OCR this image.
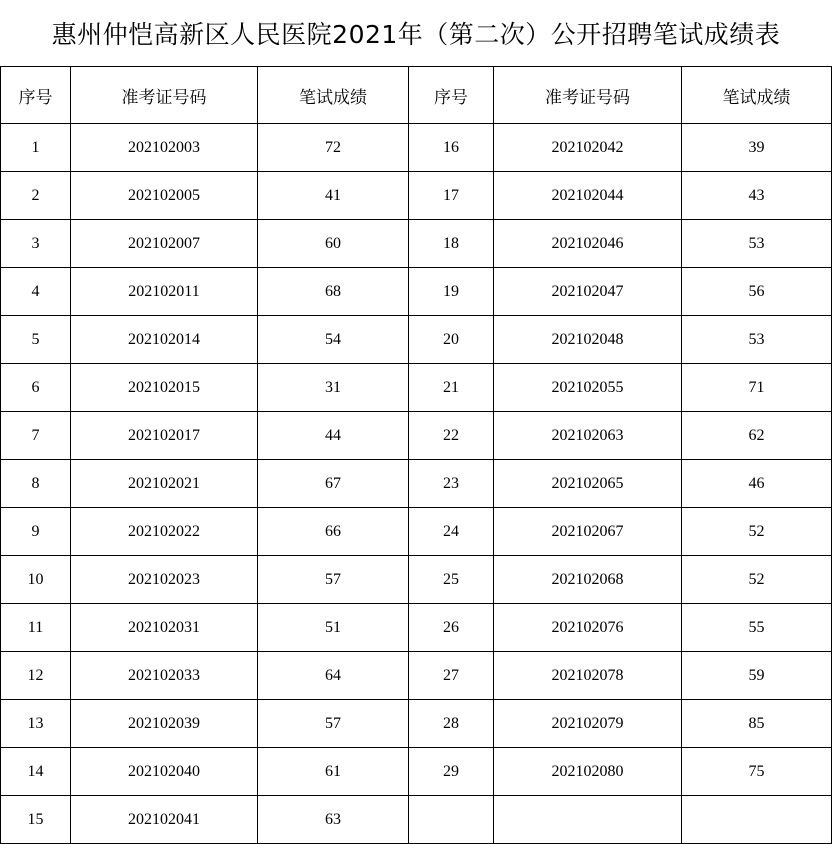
惠州仲恺高新区人民医院2021年（第二次）公开招聘笔试成绩表
序号	准考证号码	笔试成绩	序号	准考证号码	笔试成绩
1	202102003	72	16	202102042	39
2	202102005	41	17	202102044	43
3	202102007	60	18	202102046	53
4	202102011	68	19	202102047	56
5	202102014	54	20	202102048	53
6	202102015	31	21	202102055	71
7	202102017	44	22	202102063	62
8	202102021	67	23	202102065	46
9	202102022	66	24	202102067	52
10	202102023	57	25	202102068	52
11	202102031	51	26	202102076	55
12	202102033	64	27	202102078	59
13	202102039	57	28	202102079	85
14	202102040	61	29	202102080	75
15	202102041	63			
